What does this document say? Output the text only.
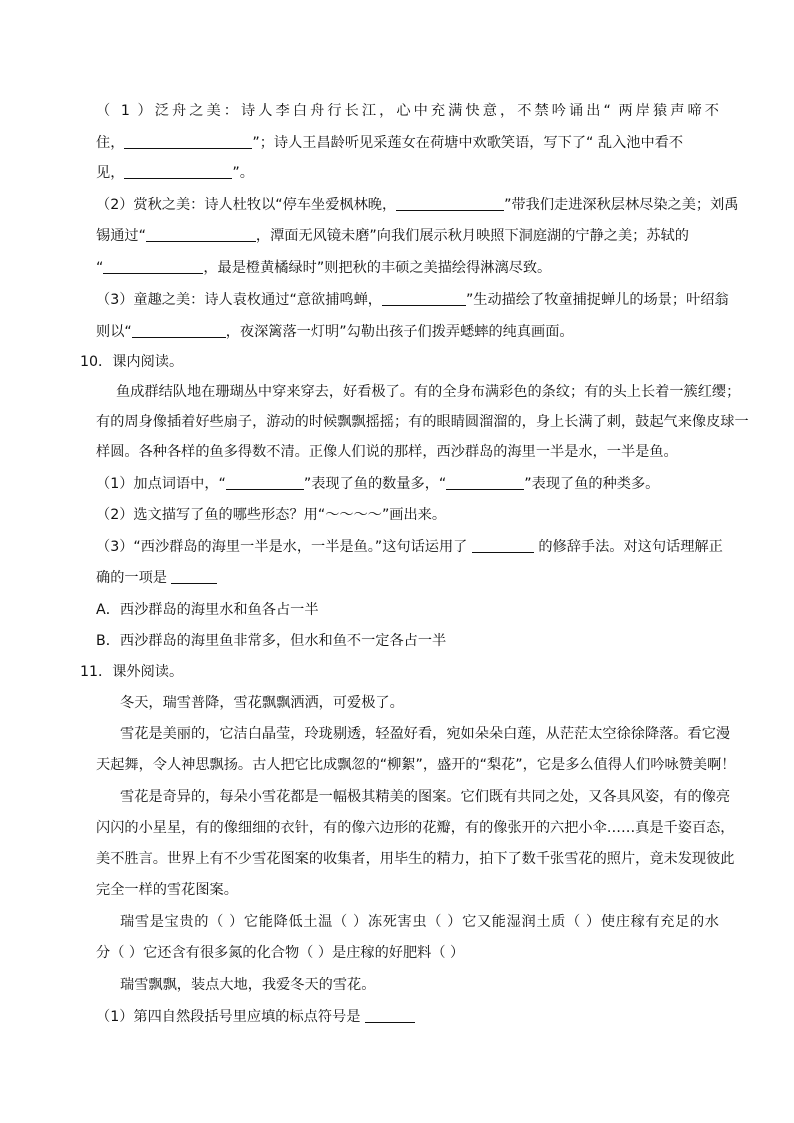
（ 1 ）泛舟之美：诗人李白舟行长江，心中充满快意，不禁吟诵出“ 两岸猿声啼不
住，	”；诗人王昌龄听见采莲女在荷塘中欢歌笑语，写下了“ 乱入池中看不
见，	”。
（2）赏秋之美：诗人杜牧以“停车坐爱枫林晚，	”带我们走进深秋层林尽染之美；刘禹
锡通过“	，潭面无风镜未磨”向我们展示秋月映照下洞庭湖的宁静之美；苏轼的
“	，最是橙黄橘绿时”则把秋的丰硕之美描绘得淋漓尽致。
（3）童趣之美：诗人袁枚通过“意欲捕鸣蝉，	”生动描绘了牧童捕捉蝉儿的场景；叶绍翁
则以“	，夜深篱落一灯明”勾勒出孩子们拨弄蟋蟀的纯真画面。
10．课内阅读。
鱼成群结队地在珊瑚丛中穿来穿去，好看极了。有的全身布满彩色的条纹；有的头上长着一簇红缨；
有的周身像插着好些扇子，游动的时候飘飘摇摇；有的眼睛圆溜溜的，身上长满了刺，鼓起气来像皮球一
样圆。各种各样的鱼多得数不清。正像人们说的那样，西沙群岛的海里一半是水，一半是鱼。
（1）加点词语中，“	”表现了鱼的数量多，“	”表现了鱼的种类多。
（2）选文描写了鱼的哪些形态？用“～～～～”画出来。
（3）“西沙群岛的海里一半是水，一半是鱼。”这句话运用了	的修辞手法。对这句话理解正
确的一项是
A．西沙群岛的海里水和鱼各占一半
B．西沙群岛的海里鱼非常多，但水和鱼不一定各占一半
11．课外阅读。
冬天，瑞雪普降，雪花飘飘洒洒，可爱极了。
雪花是美丽的，它洁白晶莹，玲珑剔透，轻盈好看，宛如朵朵白莲，从茫茫太空徐徐降落。看它漫
天起舞，令人神思飘扬。古人把它比成飘忽的“柳絮”，盛开的“梨花”，它是多么值得人们吟咏赞美啊！
雪花是奇异的，每朵小雪花都是一幅极其精美的图案。它们既有共同之处，又各具风姿，有的像亮
闪闪的小星星，有的像细细的衣针，有的像六边形的花瓣，有的像张开的六把小伞……真是千姿百态，
美不胜言。世界上有不少雪花图案的收集者，用毕生的精力，拍下了数千张雪花的照片，竟未发现彼此
完全一样的雪花图案。
瑞雪是宝贵的（ ）它能降低土温（ ）冻死害虫（ ）它又能湿润土质（ ）使庄稼有充足的水
分（ ）它还含有很多氮的化合物（ ）是庄稼的好肥料（ ）
瑞雪飘飘，装点大地，我爱冬天的雪花。
（1）第四自然段括号里应填的标点符号是
